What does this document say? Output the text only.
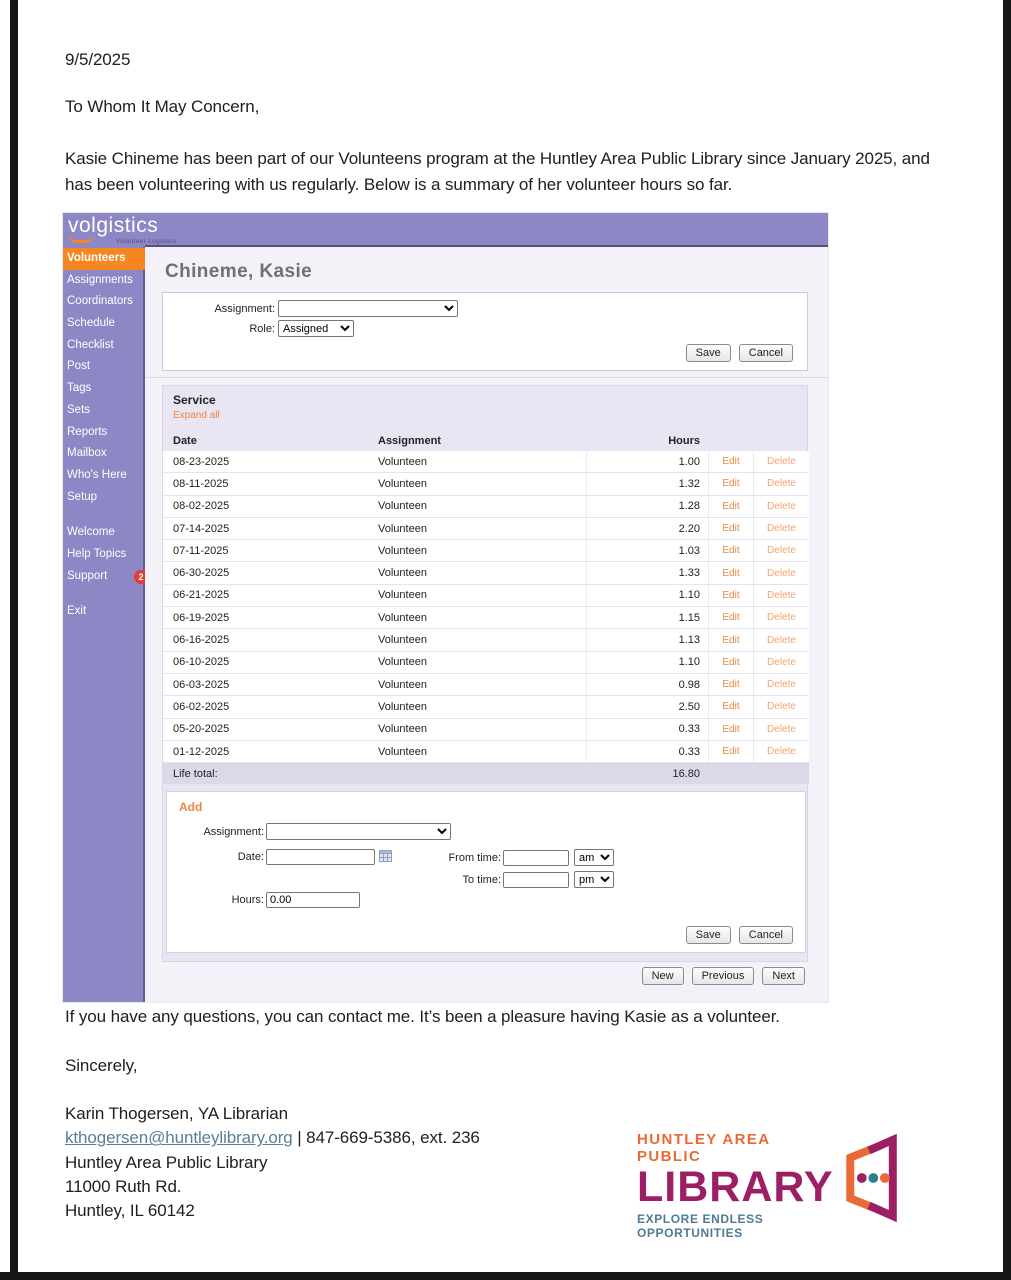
9/5/2025
To Whom It May Concern,
Kasie Chineme has been part of our Volunteens program at the Huntley Area Public Library since January 2025, and has been volunteering with us regularly. Below is a summary of her volunteer hours so far.
volgistics
Volunteer Logistics
Volunteers
Assignments
Coordinators
Schedule
Checklist
Post
Tags
Sets
Reports
Mailbox
Who's Here
Setup
Welcome
Help Topics
Support	2
Exit
Chineme, Kasie
Assignment:
Role:
Assigned
Save	Cancel
Service
Expand all
Date	Assignment	Hours
08-23-2025	Volunteen	1.00	Edit	Delete
08-11-2025	Volunteen	1.32	Edit	Delete
08-02-2025	Volunteen	1.28	Edit	Delete
07-14-2025	Volunteen	2.20	Edit	Delete
07-11-2025	Volunteen	1.03	Edit	Delete
06-30-2025	Volunteen	1.33	Edit	Delete
06-21-2025	Volunteen	1.10	Edit	Delete
06-19-2025	Volunteen	1.15	Edit	Delete
06-16-2025	Volunteen	1.13	Edit	Delete
06-10-2025	Volunteen	1.10	Edit	Delete
06-03-2025	Volunteen	0.98	Edit	Delete
06-02-2025	Volunteen	2.50	Edit	Delete
05-20-2025	Volunteen	0.33	Edit	Delete
01-12-2025	Volunteen	0.33	Edit	Delete
Life total:	16.80
Add
Assignment:
Date:	From time:
am
To time:
pm
Hours:0.00
Save	Cancel
New	Previous	Next
If you have any questions, you can contact me. It’s been a pleasure having Kasie as a volunteer.
Sincerely,
Karin Thogersen, YA Librarian
kthogersen@huntleylibrary.org | 847-669-5386, ext. 236
Huntley Area Public Library
11000 Ruth Rd.
Huntley, IL 60142
HUNTLEY AREA PUBLIC
LIBRARY
EXPLORE ENDLESS OPPORTUNITIES
